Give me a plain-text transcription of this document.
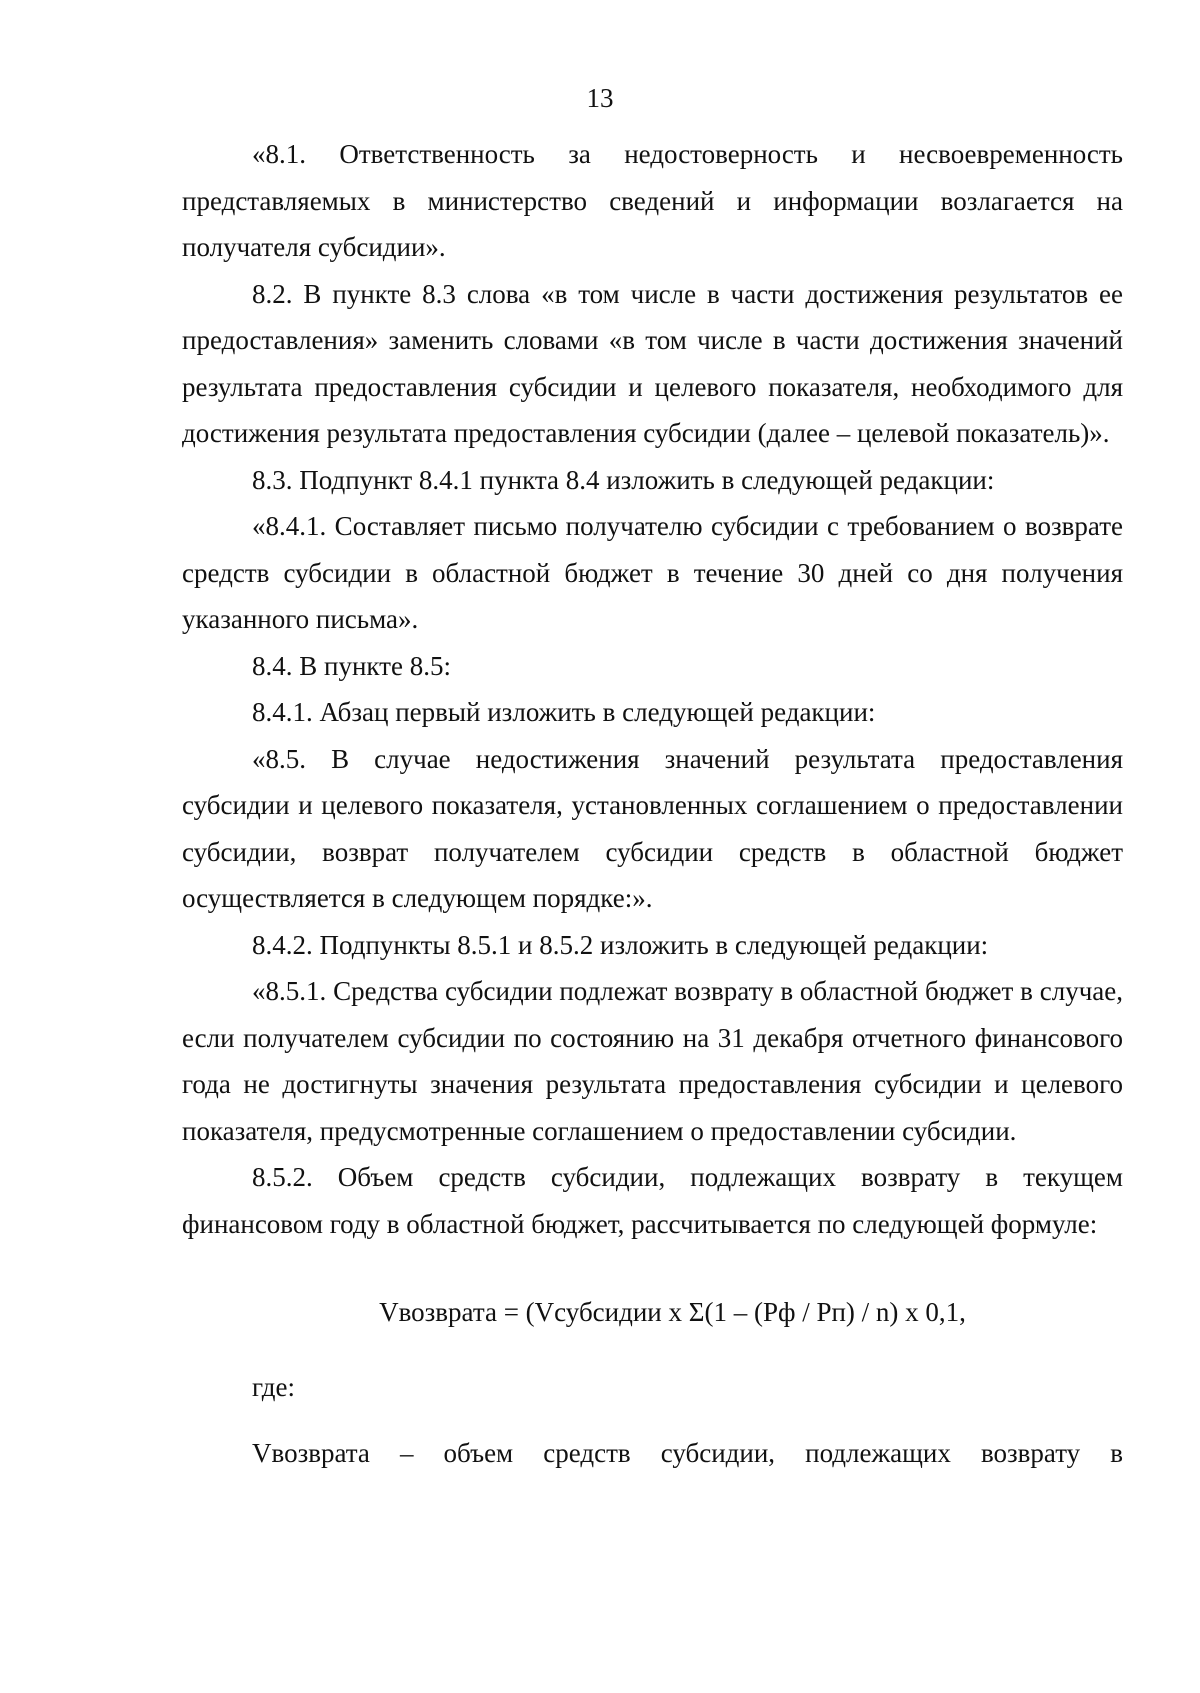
13

«8.1. Ответственность за недостоверность и несвоевременность представляемых в министерство сведений и информации возлагается на получателя субсидии».

8.2. В пункте 8.3 слова «в том числе в части достижения результатов ее предоставления» заменить словами «в том числе в части достижения значений результата предоставления субсидии и целевого показателя, необходимого для достижения результата предоставления субсидии (далее – целевой показатель)».

8.3. Подпункт 8.4.1 пункта 8.4 изложить в следующей редакции:

«8.4.1. Составляет письмо получателю субсидии с требованием о возврате средств субсидии в областной бюджет в течение 30 дней со дня получения указанного письма».

8.4. В пункте 8.5:

8.4.1. Абзац первый изложить в следующей редакции:

«8.5. В случае недостижения значений результата предоставления субсидии и целевого показателя, установленных соглашением о предоставлении субсидии, возврат получателем субсидии средств в областной бюджет осуществляется в следующем порядке:».

8.4.2. Подпункты 8.5.1 и 8.5.2 изложить в следующей редакции:

«8.5.1. Средства субсидии подлежат возврату в областной бюджет в случае, если получателем субсидии по состоянию на 31 декабря отчетного финансового года не достигнуты значения результата предоставления субсидии и целевого показателя, предусмотренные соглашением о предоставлении субсидии.

8.5.2. Объем средств субсидии, подлежащих возврату в текущем финансовом году в областной бюджет, рассчитывается по следующей формуле:

Vвозврата = (Vсубсидии x Σ(1 – (Pф / Pп) / n) x 0,1,

где:

Vвозврата – объем средств субсидии, подлежащих возврату в
